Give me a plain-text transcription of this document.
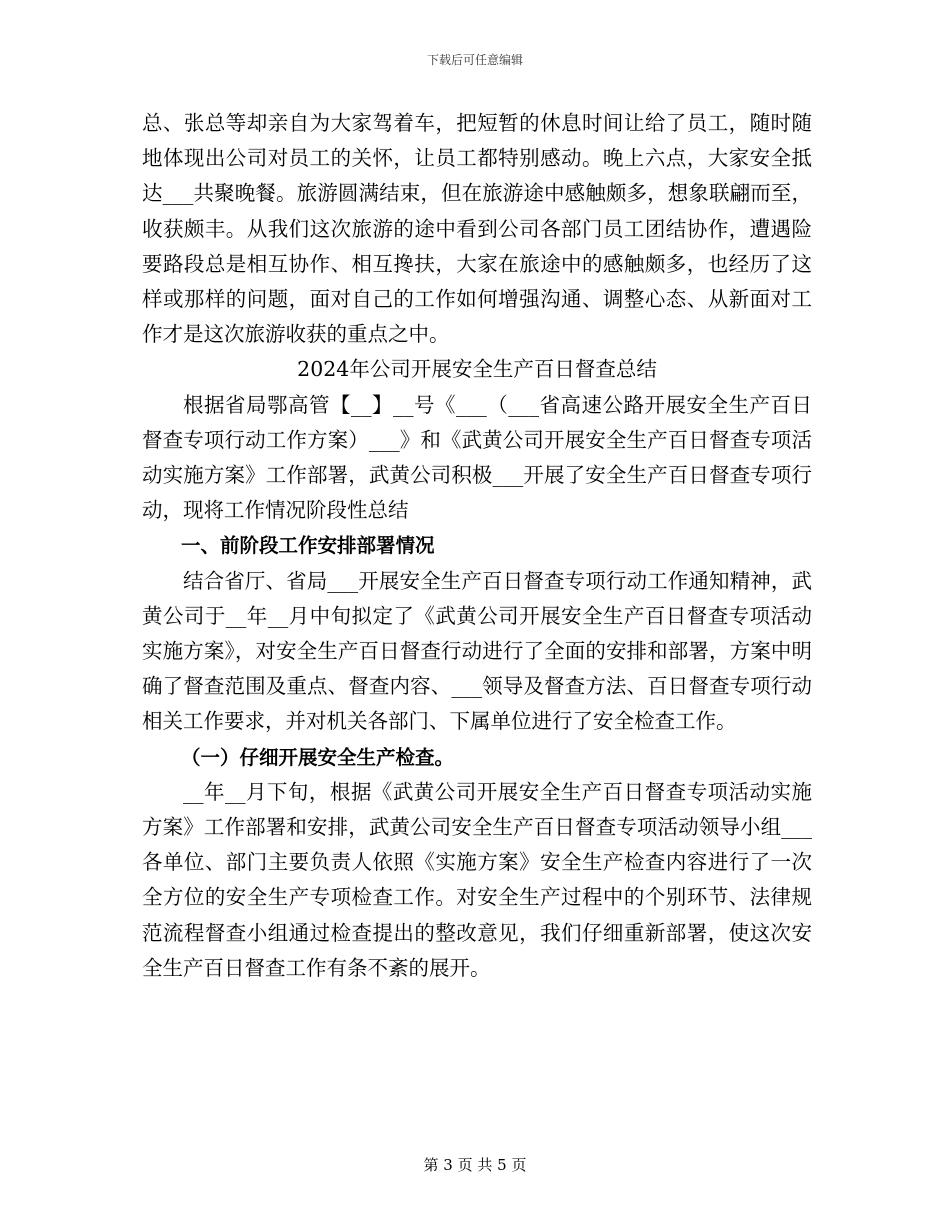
下载后可任意编辑

总、张总等却亲自为大家驾着车，把短暂的休息时间让给了员工，随时随地体现出公司对员工的关怀，让员工都特别感动。晚上六点，大家安全抵达___共聚晚餐。旅游圆满结束，但在旅游途中感触颇多，想象联翩而至，收获颇丰。从我们这次旅游的途中看到公司各部门员工团结协作，遭遇险要路段总是相互协作、相互搀扶，大家在旅途中的感触颇多，也经历了这样或那样的问题，面对自己的工作如何增强沟通、调整心态、从新面对工作才是这次旅游收获的重点之中。

2024年公司开展安全生产百日督查总结

根据省局鄂高管【__】__号《___（___省高速公路开展安全生产百日督查专项行动工作方案）___》和《武黄公司开展安全生产百日督查专项活动实施方案》工作部署，武黄公司积极___开展了安全生产百日督查专项行动，现将工作情况阶段性总结

一、前阶段工作安排部署情况

结合省厅、省局___开展安全生产百日督查专项行动工作通知精神，武黄公司于__年__月中旬拟定了《武黄公司开展安全生产百日督查专项活动实施方案》，对安全生产百日督查行动进行了全面的安排和部署，方案中明确了督查范围及重点、督查内容、___领导及督查方法、百日督查专项行动相关工作要求，并对机关各部门、下属单位进行了安全检查工作。

（一）仔细开展安全生产检查。

__年__月下旬，根据《武黄公司开展安全生产百日督查专项活动实施方案》工作部署和安排，武黄公司安全生产百日督查专项活动领导小组___各单位、部门主要负责人依照《实施方案》安全生产检查内容进行了一次全方位的安全生产专项检查工作。对安全生产过程中的个别环节、法律规范流程督查小组通过检查提出的整改意见，我们仔细重新部署，使这次安全生产百日督查工作有条不紊的展开。

第 3 页 共 5 页
